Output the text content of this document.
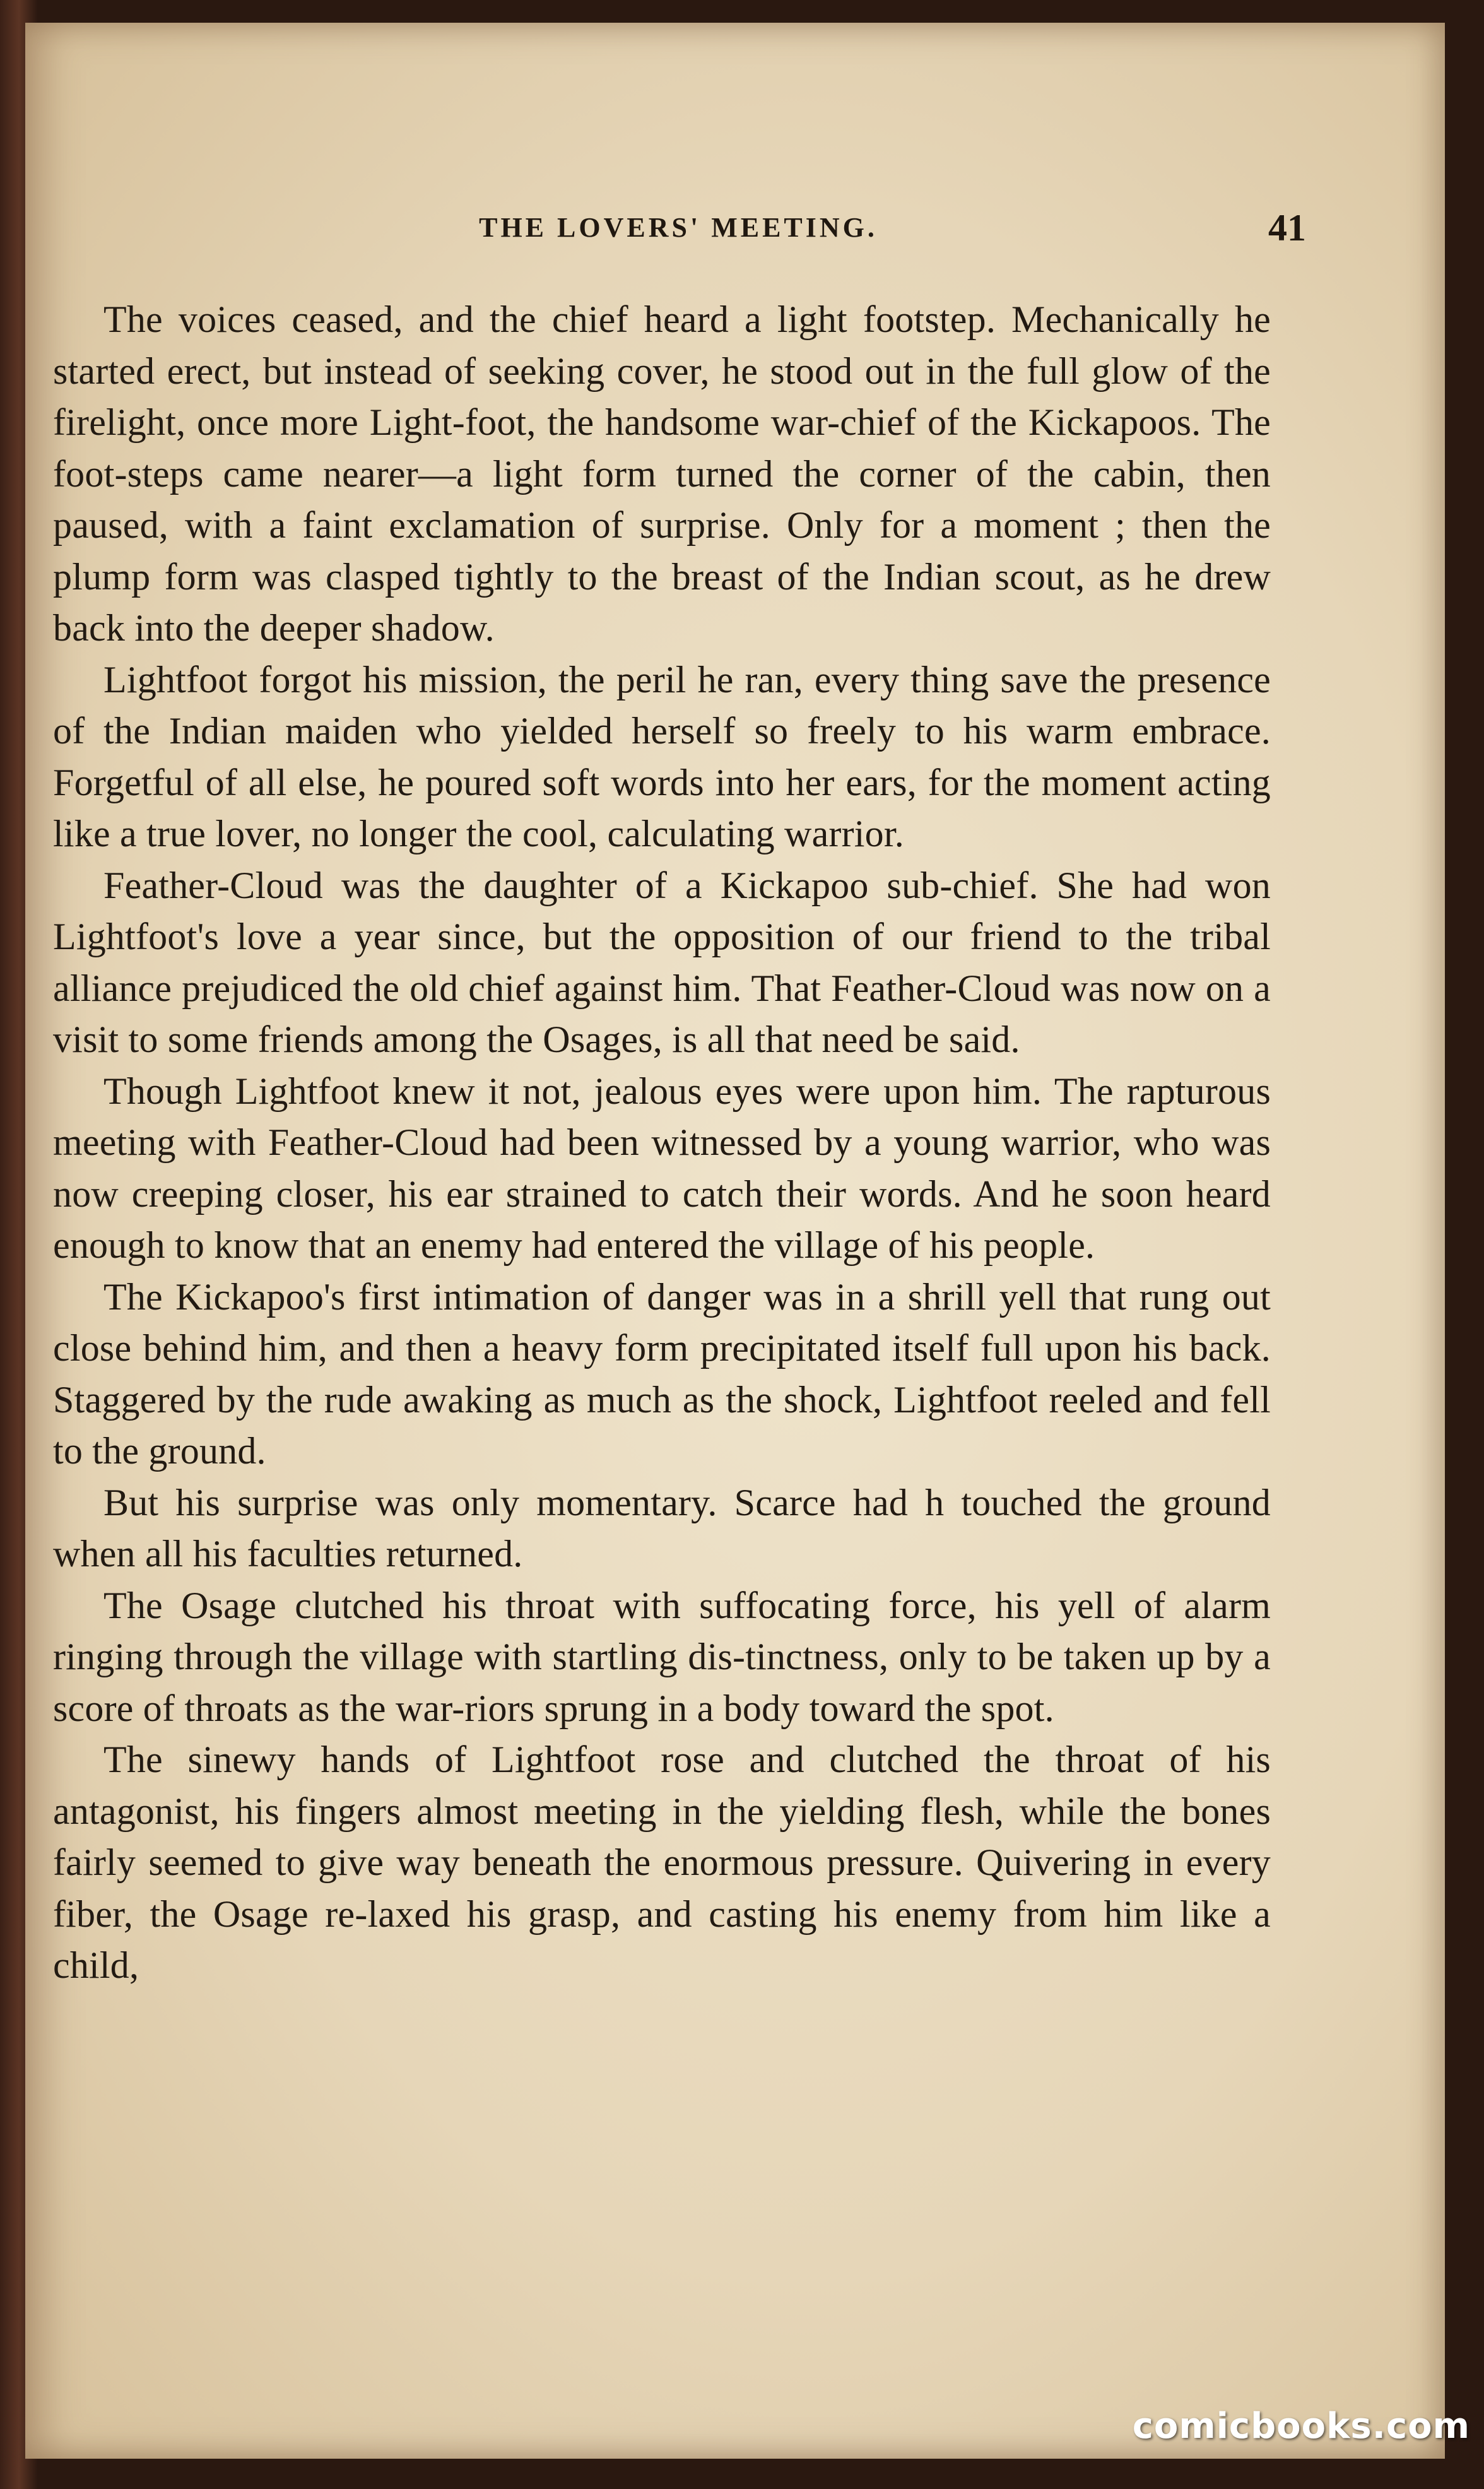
THE LOVERS' MEETING.	41

The voices ceased, and the chief heard a light footstep. Mechanically he started erect, but instead of seeking cover, he stood out in the full glow of the firelight, once more Light-foot, the handsome war-chief of the Kickapoos. The foot-steps came nearer—a light form turned the corner of the cabin, then paused, with a faint exclamation of surprise. Only for a moment ; then the plump form was clasped tightly to the breast of the Indian scout, as he drew back into the deeper shadow.

Lightfoot forgot his mission, the peril he ran, every thing save the presence of the Indian maiden who yielded herself so freely to his warm embrace. Forgetful of all else, he poured soft words into her ears, for the moment acting like a true lover, no longer the cool, calculating warrior.

Feather-Cloud was the daughter of a Kickapoo sub-chief. She had won Lightfoot's love a year since, but the opposition of our friend to the tribal alliance prejudiced the old chief against him. That Feather-Cloud was now on a visit to some friends among the Osages, is all that need be said.

Though Lightfoot knew it not, jealous eyes were upon him. The rapturous meeting with Feather-Cloud had been witnessed by a young warrior, who was now creeping closer, his ear strained to catch their words. And he soon heard enough to know that an enemy had entered the village of his people.

The Kickapoo's first intimation of danger was in a shrill yell that rung out close behind him, and then a heavy form precipitated itself full upon his back. Staggered by the rude awaking as much as the shock, Lightfoot reeled and fell to the ground.

But his surprise was only momentary. Scarce had h touched the ground when all his faculties returned.

The Osage clutched his throat with suffocating force, his yell of alarm ringing through the village with startling dis-tinctness, only to be taken up by a score of throats as the war-riors sprung in a body toward the spot.

The sinewy hands of Lightfoot rose and clutched the throat of his antagonist, his fingers almost meeting in the yielding flesh, while the bones fairly seemed to give way beneath the enormous pressure. Quivering in every fiber, the Osage re-laxed his grasp, and casting his enemy from him like a child,

comicbooks.com
